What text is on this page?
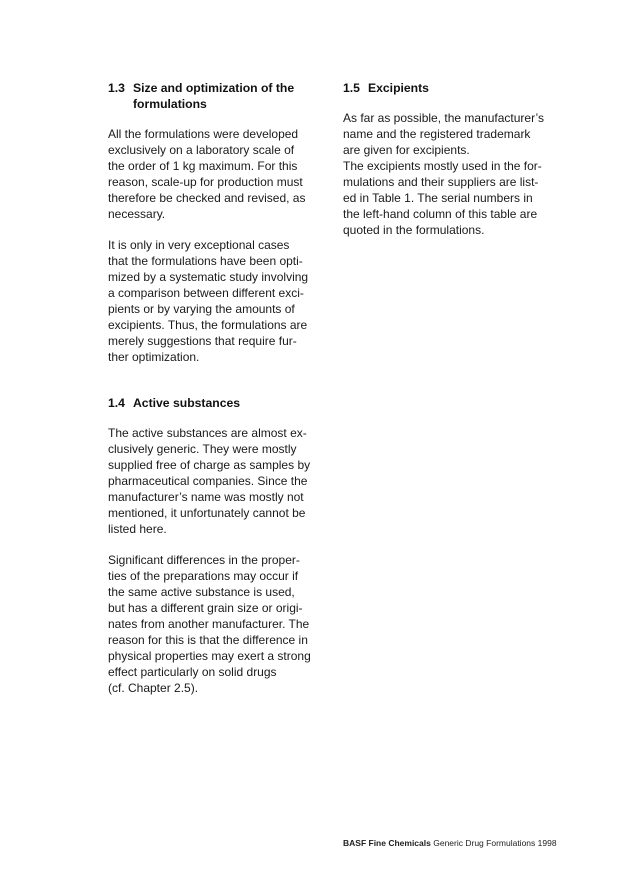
1.3 Size and optimization of the
formulations

All the formulations were developed
exclusively on a laboratory scale of
the order of 1 kg maximum. For this
reason, scale-up for production must
therefore be checked and revised, as
necessary.

It is only in very exceptional cases
that the formulations have been opti-
mized by a systematic study involving
a comparison between different exci-
pients or by varying the amounts of
excipients. Thus, the formulations are
merely suggestions that require fur-
ther optimization.

1.4 Active substances

The active substances are almost ex-
clusively generic. They were mostly
supplied free of charge as samples by
pharmaceutical companies. Since the
manufacturer’s name was mostly not
mentioned, it unfortunately cannot be
listed here.

Significant differences in the proper-
ties of the preparations may occur if
the same active substance is used,
but has a different grain size or origi-
nates from another manufacturer. The
reason for this is that the difference in
physical properties may exert a strong
effect particularly on solid drugs
(cf. Chapter 2.5).

1.5 Excipients

As far as possible, the manufacturer’s
name and the registered trademark
are given for excipients.
The excipients mostly used in the for-
mulations and their suppliers are list-
ed in Table 1. The serial numbers in
the left-hand column of this table are
quoted in the formulations.

BASF Fine Chemicals Generic Drug Formulations 1998
